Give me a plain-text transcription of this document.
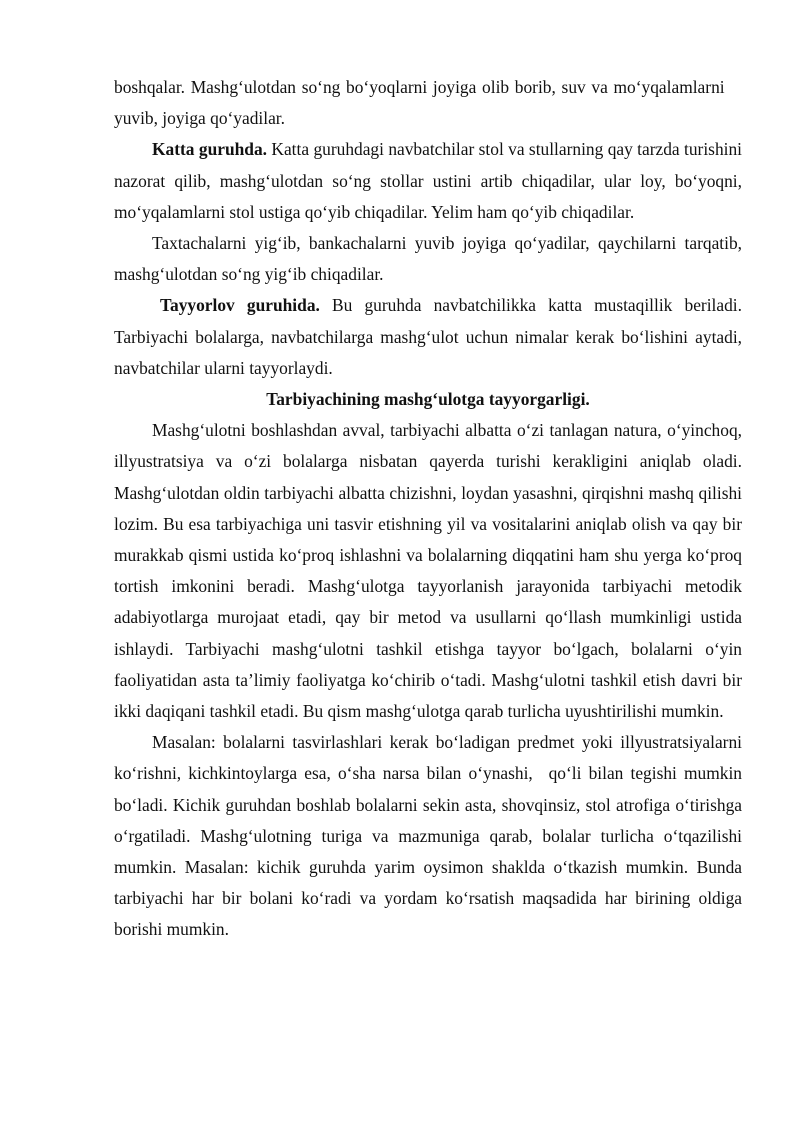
boshqalar. Mashg‘ulotdan so‘ng bo‘yoqlarni joyiga olib borib, suv va mo‘yqalamlarni  yuvib, joyiga qo‘yadilar.

Katta guruhda. Katta guruhdagi navbatchilar stol va stullarning qay tarzda turishini nazorat qilib, mashg‘ulotdan so‘ng stollar ustini artib chiqadilar, ular loy, bo‘yoqni, mo‘yqalamlarni stol ustiga qo‘yib chiqadilar. Yelim ham qo‘yib chiqadilar.

Taxtachalarni yig‘ib, bankachalarni yuvib joyiga qo‘yadilar, qaychilarni tarqatib, mashg‘ulotdan so‘ng yig‘ib chiqadilar.

Tayyorlov guruhida. Bu guruhda navbatchilikka katta mustaqillik beriladi. Tarbiyachi bolalarga, navbatchilarga mashg‘ulot uchun nimalar kerak bo‘lishini aytadi, navbatchilar ularni tayyorlaydi.

Tarbiyachining mashg‘ulotga tayyorgarligi.

Mashg‘ulotni boshlashdan avval, tarbiyachi albatta o‘zi tanlagan natura, o‘yinchoq, illyustratsiya va o‘zi bolalarga nisbatan qayerda turishi kerakligini aniqlab oladi. Mashg‘ulotdan oldin tarbiyachi albatta chizishni, loydan yasashni, qirqishni mashq qilishi lozim. Bu esa tarbiyachiga uni tasvir etishning yil va vositalarini aniqlab olish va qay bir murakkab qismi ustida ko‘proq ishlashni va bolalarning diqqatini ham shu yerga ko‘proq tortish imkonini beradi. Mashg‘ulotga tayyorlanish jarayonida tarbiyachi metodik adabiyotlarga murojaat etadi, qay bir metod va usullarni qo‘llash mumkinligi ustida ishlaydi. Tarbiyachi mashg‘ulotni tashkil etishga tayyor bo‘lgach, bolalarni o‘yin faoliyatidan asta ta’limiy faoliyatga ko‘chirib o‘tadi. Mashg‘ulotni tashkil etish davri bir ikki daqiqani tashkil etadi. Bu qism mashg‘ulotga qarab turlicha uyushtirilishi mumkin.

Masalan: bolalarni tasvirlashlari kerak bo‘ladigan predmet yoki illyustratsiyalarni ko‘rishni, kichkintoylarga esa, o‘sha narsa bilan o‘ynashi,  qo‘li bilan tegishi mumkin bo‘ladi. Kichik guruhdan boshlab bolalarni sekin asta, shovqinsiz, stol atrofiga o‘tirishga o‘rgatiladi. Mashg‘ulotning turiga va mazmuniga qarab, bolalar turlicha o‘tqazilishi mumkin. Masalan: kichik guruhda yarim oysimon shaklda o‘tkazish mumkin. Bunda tarbiyachi har bir bolani ko‘radi va yordam ko‘rsatish maqsadida har birining oldiga borishi mumkin.
